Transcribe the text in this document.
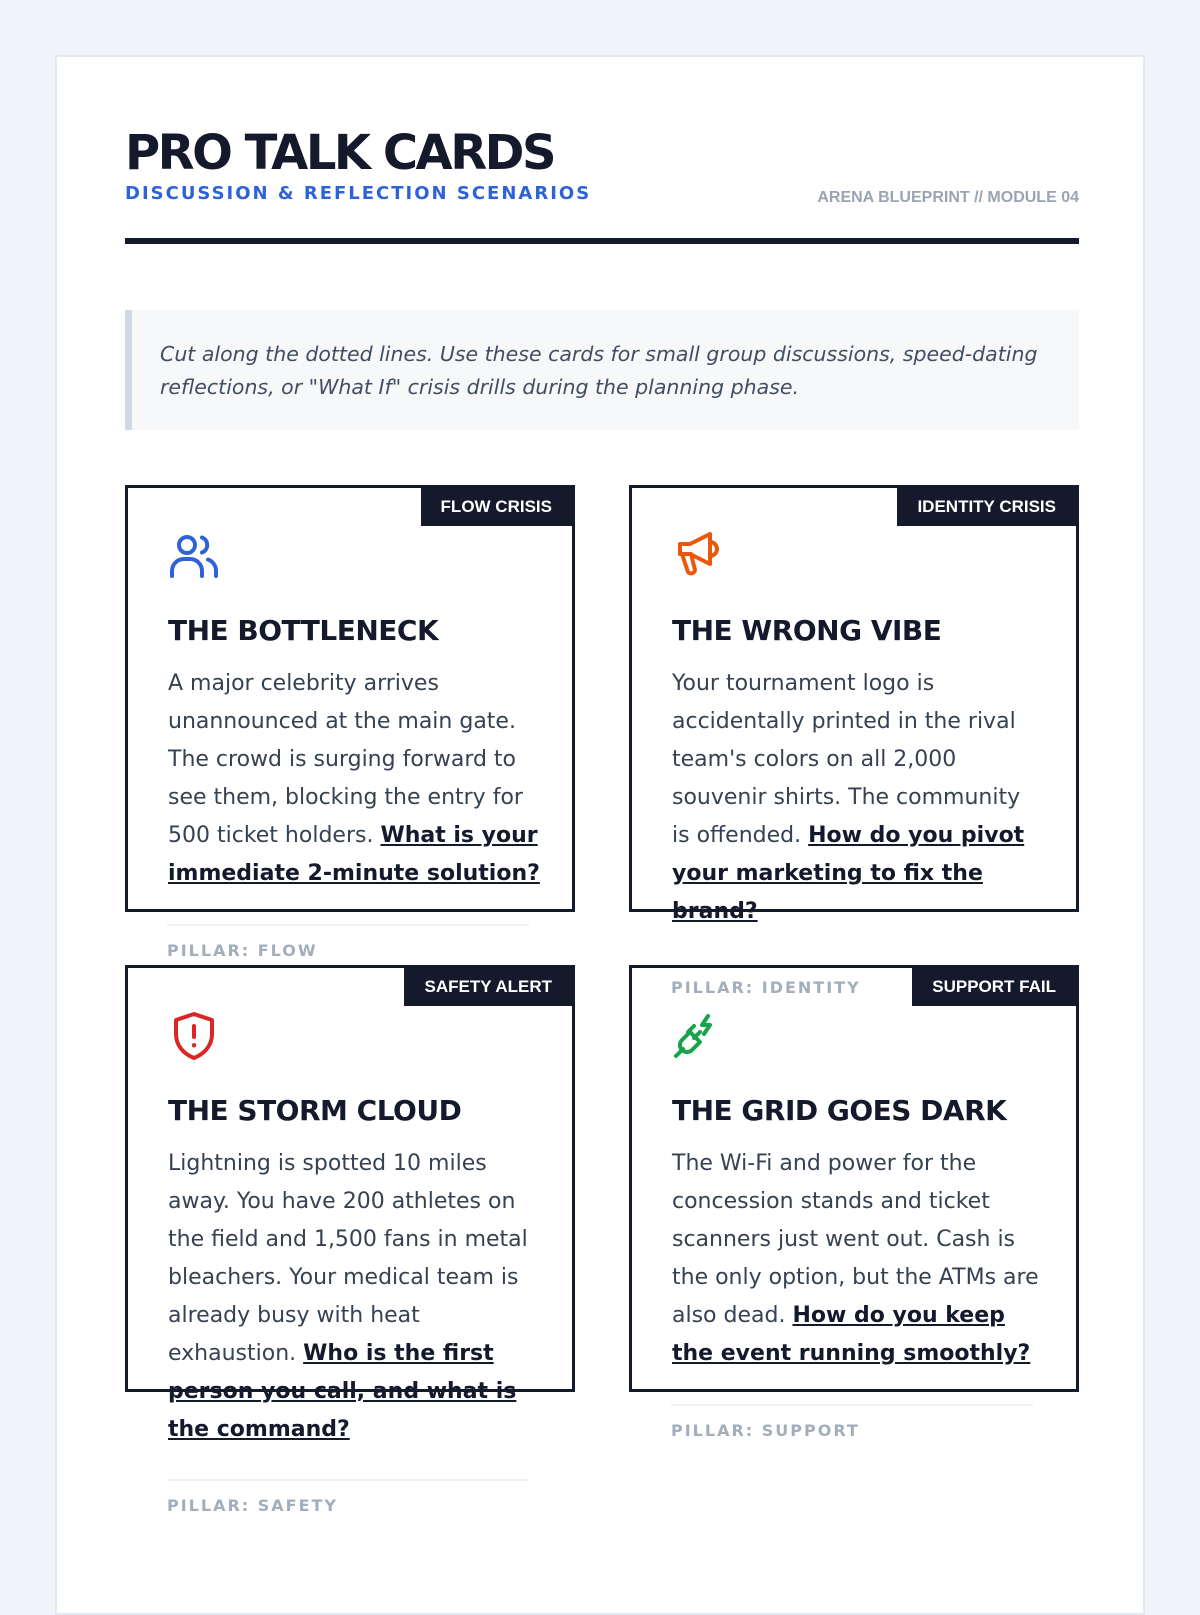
PRO TALK CARDS
DISCUSSION & REFLECTION SCENARIOS	ARENA BLUEPRINT // MODULE 04
Cut along the dotted lines. Use these cards for small group discussions, speed-dating reflections, or "What If" crisis drills during the planning phase.
FLOW CRISIS
THE BOTTLENECK

A major celebrity arrives unannounced at the main gate. The crowd is surging forward to see them, blocking the entry for 500 ticket holders. What is your immediate 2-minute solution?

IDENTITY CRISIS
THE WRONG VIBE

Your tournament logo is accidentally printed in the rival team's colors on all 2,000 souvenir shirts. The community is offended. How do you pivot your marketing to fix the brand?

PILLAR: FLOW
SAFETY ALERT
THE STORM CLOUD

Lightning is spotted 10 miles away. You have 200 athletes on the field and 1,500 fans in metal bleachers. Your medical team is already busy with heat exhaustion. Who is the first person you call, and what is the command?

SUPPORT FAIL
THE GRID GOES DARK

The Wi-Fi and power for the concession stands and ticket scanners just went out. Cash is the only option, but the ATMs are also dead. How do you keep the event running smoothly?

PILLAR: IDENTITY
PILLAR: SUPPORT
PILLAR: SAFETY
